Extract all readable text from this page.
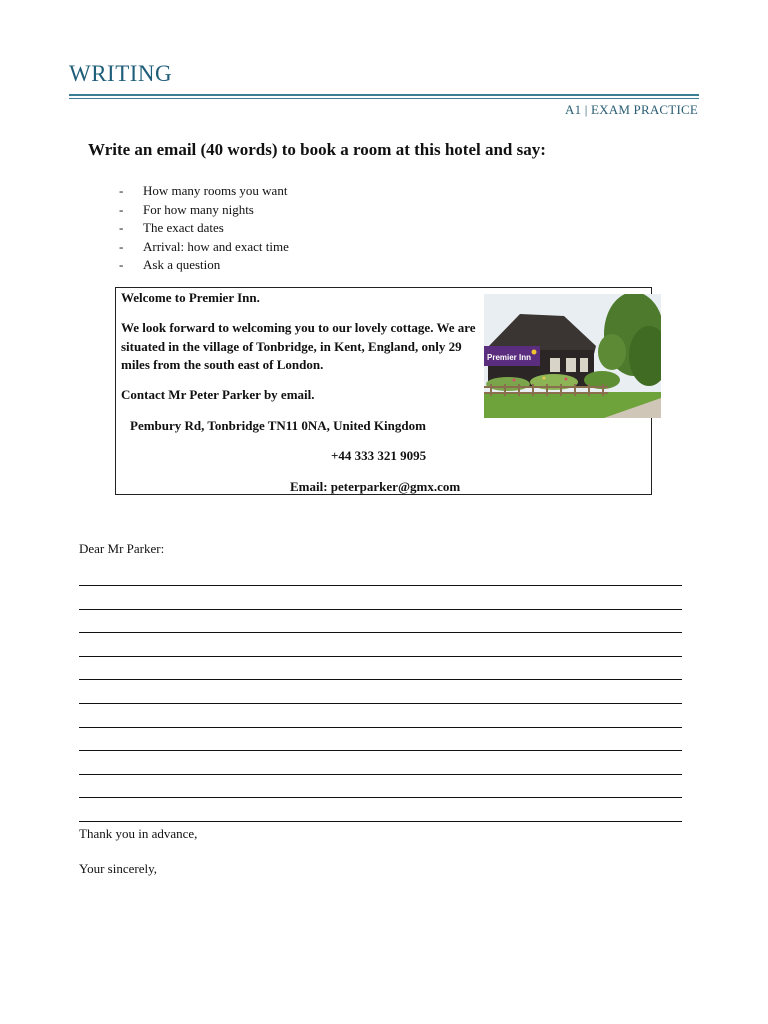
WRITING
A1 | EXAM PRACTICE
Write an email (40 words) to book a room at this hotel and say:
-	How many rooms you want
-	For how many nights
-	The exact dates
-	Arrival: how and exact time
-	Ask a question
Welcome to Premier Inn.
We look forward to welcoming you to our lovely cottage. We are situated in the village of Tonbridge, in Kent, England, only 29 miles from the south east of London.
Contact Mr Peter Parker by email.
Pembury Rd, Tonbridge TN11 0NA, United Kingdom
+44 333 321 9095
Email: peterparker@gmx.com
Premier Inn
Dear Mr Parker:
Thank you in advance,
Your sincerely,
